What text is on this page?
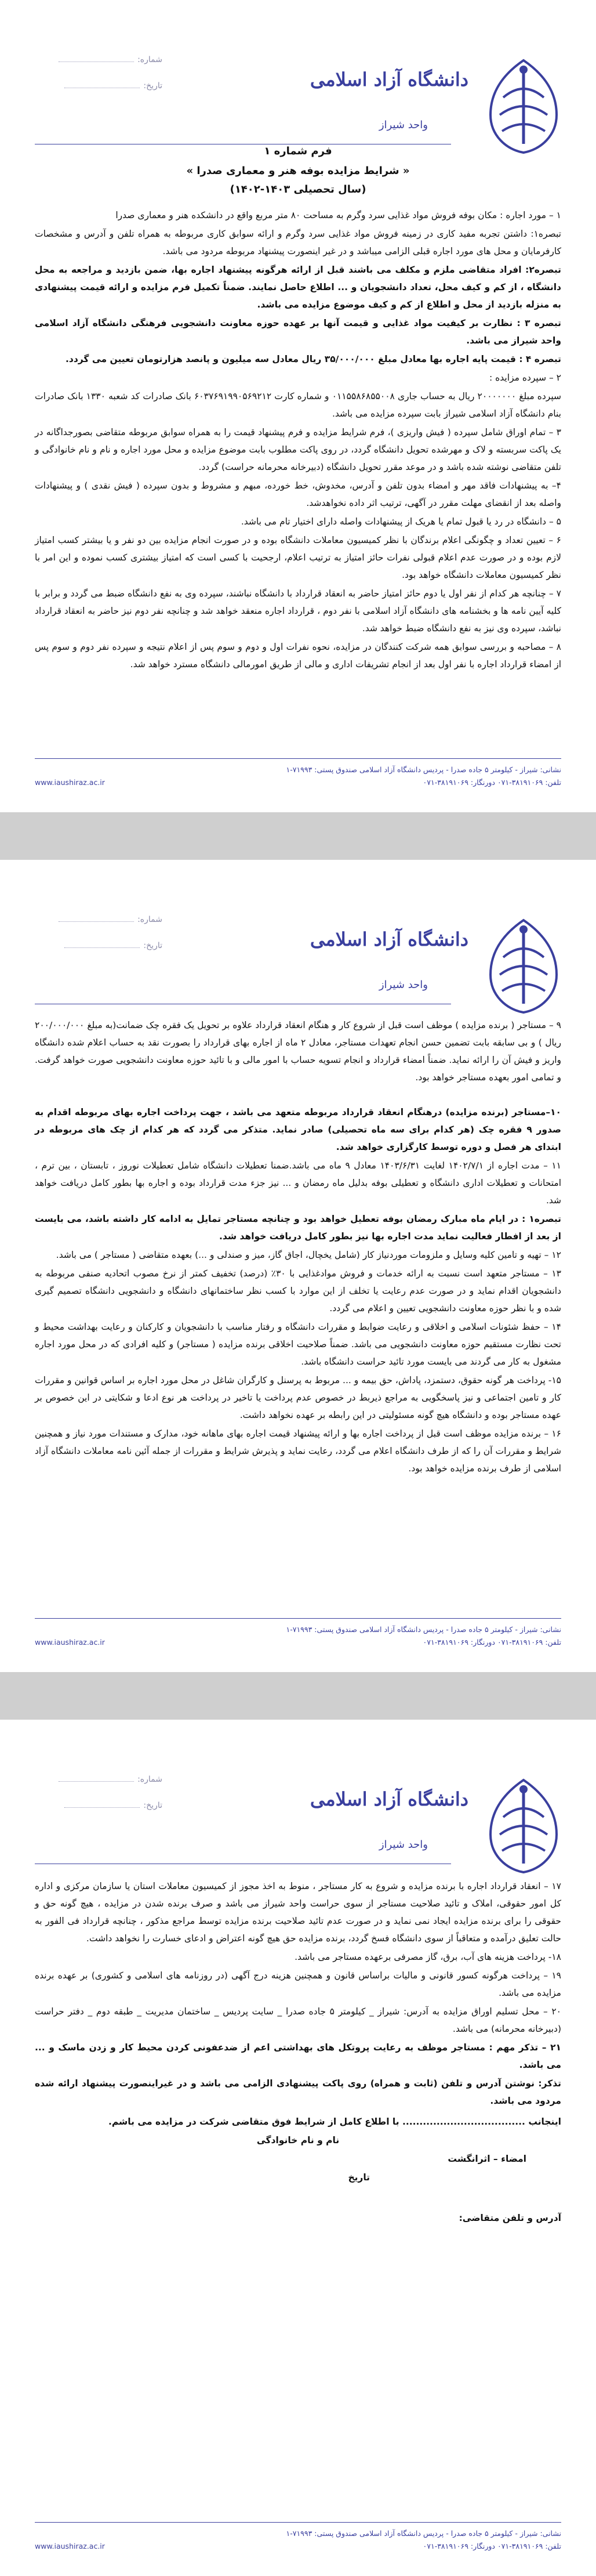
شماره:
تاریخ:	دانشگاه آزاد اسلامی
واحد شیراز
فرم شماره ۱
« شرایط مزایده بوفه هنر و معماری صدرا »
(سال تحصیلی ۱۴۰۳-۱۴۰۲)

۱ – مورد اجاره : مکان بوفه فروش مواد غذایی سرد وگرم به مساحت ۸۰ متر مربع واقع در دانشکده هنر و معماری صدرا

تبصره۱: داشتن تجربه مفید کاری در زمینه فروش مواد غذایی سرد وگرم و ارائه سوابق کاری مربوطه به همراه تلفن و آدرس و مشخصات کارفرمایان و محل های مورد اجاره قبلی الزامی میباشد و در غیر اینصورت پیشنهاد مربوطه مردود می باشد.

تبصره۲: افراد متقاضی ملزم و مکلف می باشند قبل از ارائه هرگونه پیشنهاد اجاره بها، ضمن بازدید و مراجعه به محل دانشگاه ، از کم و کیف محل، تعداد دانشجویان و ... اطلاع حاصل نمایند. ضمناً تکمیل فرم مزایده و ارائه قیمت پیشنهادی به منزله بازدید از محل و اطلاع از کم و کیف موضوع مزایده می باشد.

تبصره ۳ : نظارت بر کیفیت مواد غذایی و قیمت آنها بر عهده حوزه معاونت دانشجویی فرهنگی دانشگاه آزاد اسلامی واحد شیراز می باشد.

تبصره ۴ : قیمت پایه اجاره بها معادل مبلغ ۳۵/۰۰۰/۰۰۰ ریال معادل سه میلیون و پانصد هزارتومان تعیین می گردد.

۲ – سپرده مزایده :

سپرده مبلغ ۲۰۰۰۰۰۰۰ ریال به حساب جاری ۰۱۱۵۵۸۶۸۵۵۰۰۸ و شماره کارت ۶۰۳۷۶۹۱۹۹۰۵۶۹۲۱۲ بانک صادرات کد شعبه ۱۳۳۰ بانک صادرات بنام دانشگاه آزاد اسلامی شیراز بابت سپرده مزایده می باشد.

۳ – تمام اوراق شامل سپرده ( فیش واریزی )، فرم شرایط مزایده و فرم پیشنهاد قیمت را به همراه سوابق مربوطه متقاضی بصورجداگانه در یک پاکت سربسته و لاک و مهرشده تحویل دانشگاه گردد، در روی پاکت مطلوب بابت موضوع مزایده و محل مورد اجاره و نام و نام خانوادگی و تلفن متقاضی نوشته شده باشد و در موعد مقرر تحویل دانشگاه (دبیرخانه محرمانه حراست) گردد.

۴– به پیشنهادات فاقد مهر و امضاء بدون تلفن و آدرس، مخدوش، خط خورده، مبهم و مشروط و بدون سپرده ( فیش نقدی ) و پیشنهادات واصله بعد از انقضای مهلت مقرر در آگهی، ترتیب اثر داده نخواهدشد.

۵ – دانشگاه در رد یا قبول تمام یا هریک از پیشنهادات واصله دارای اختیار تام می باشد.

۶ – تعیین تعداد و چگونگی اعلام برندگان با نظر کمیسیون معاملات دانشگاه بوده و در صورت انجام مزایده بین دو نفر و یا بیشتر کسب امتیاز لازم بوده و در صورت عدم اعلام قبولی نفرات حائز امتیاز به ترتیب اعلام، ارجحیت با کسی است که امتیاز بیشتری کسب نموده و این امر با نظر کمیسیون معاملات دانشگاه خواهد بود.

۷ – چنانچه هر کدام از نفر اول یا دوم حائز امتیاز حاضر به انعقاد قرارداد با دانشگاه نباشند، سپرده وی به نفع دانشگاه ضبط می گردد و برابر با کلیه آیین نامه ها و بخشنامه های دانشگاه آزاد اسلامی با نفر دوم ، قرارداد اجاره منعقد خواهد شد و چنانچه نفر دوم نیز حاضر به انعقاد قرارداد نباشد، سپرده وی نیز به نفع دانشگاه ضبط خواهد شد.

۸ – مصاحبه و بررسی سوابق همه شرکت کنندگان در مزایده، نحوه نفرات اول و دوم و سوم پس از اعلام نتیجه و سپرده نفر دوم و سوم پس از امضاء قرارداد اجاره با نفر اول بعد از انجام تشریفات اداری و مالی از طریق امورمالی دانشگاه مسترد خواهد شد.

نشانی: شیراز - کیلومتر ۵ جاده صدرا - پردیس دانشگاه آزاد اسلامی صندوق پستی: ۷۱۹۹۳-۱
تلفن: ۳۸۱۹۱۰۶۹-۰۷۱ دورنگار: ۳۸۱۹۱۰۶۹-۰۷۱
www.iaushiraz.ac.ir
شماره:
تاریخ:	دانشگاه آزاد اسلامی
واحد شیراز

۹ – مستاجر ( برنده مزایده ) موظف است قبل از شروع کار و هنگام انعقاد قرارداد علاوه بر تحویل یک فقره چک ضمانت(به مبلغ ۲۰۰/۰۰۰/۰۰۰ ریال ) و بی سابقه بابت تضمین حسن انجام تعهدات مستاجر، معادل ۲ ماه از اجاره بهای قرارداد را بصورت نقد به حساب اعلام شده دانشگاه واریز و فیش آن را ارائه نماید. ضمناً امضاء قرارداد و انجام تسویه حساب با امور مالی و با تائید حوزه معاونت دانشجویی صورت خواهد گرفت. و تمامی امور بعهده مستاجر خواهد بود.

۱۰–مستاجر (برنده مزایده) درهنگام انعقاد قرارداد مربوطه متعهد می باشد ، جهت پرداخت اجاره بهای مربوطه اقدام به صدور ۹ فقره چک (هر کدام برای سه ماه تحصیلی) صادر نماید. متذکر می گردد که هر کدام از چک های مربوطه در ابتدای هر فصل و دوره توسط کارگزاری خواهد شد.

۱۱ – مدت اجاره از ۱۴۰۲/۷/۱ لغایت ۱۴۰۳/۶/۳۱ معادل ۹ ماه می باشد.ضمنا تعطیلات دانشگاه شامل تعطیلات نوروز ، تابستان ، بین ترم ، امتحانات و تعطیلات اداری دانشگاه و تعطیلی بوفه بدلیل ماه رمضان و ... نیز جزء مدت قرارداد بوده و اجاره بها بطور کامل دریافت خواهد شد.

تبصره۱ : در ایام ماه مبارک رمضان بوفه تعطیل خواهد بود و چنانچه مستاجر تمایل به ادامه کار داشته باشد، می بایست از بعد از افطار فعالیت نماید مدت اجاره بها نیز بطور کامل دریافت خواهد شد.

۱۲ – تهیه و تامین کلیه وسایل و ملزومات موردنیاز کار (شامل یخچال، اجاق گاز، میز و صندلی و ...) بعهده متقاضی ( مستاجر ) می باشد.

۱۳ – مستاجر متعهد است نسبت به ارائه خدمات و فروش موادغذایی با ۳۰٪ (درصد) تخفیف کمتر از نرخ مصوب اتحادیه صنفی مربوطه به دانشجویان اقدام نماید و در صورت عدم رعایت یا تخلف از این موارد با کسب نظر ساختمانهای دانشگاه و دانشجویی دانشگاه تصمیم گیری شده و با نظر حوزه معاونت دانشجویی تعیین و اعلام می گردد.

۱۴ – حفظ شئونات اسلامی و اخلاقی و رعایت ضوابط و مقررات دانشگاه و رفتار مناسب با دانشجویان و کارکنان و رعایت بهداشت محیط و تحت نظارت مستقیم حوزه معاونت دانشجویی می باشد. ضمناً صلاحیت اخلاقی برنده مزایده ( مستاجر) و کلیه افرادی که در محل مورد اجاره مشغول به کار می گردند می بایست مورد تائید حراست دانشگاه باشد.

۱۵- پرداخت هر گونه حقوق، دستمزد، پاداش، حق بیمه و ... مربوط به پرسنل و کارگران شاغل در محل مورد اجاره بر اساس قوانین و مقررات کار و تامین اجتماعی و نیز پاسخگویی به مراجع ذیربط در خصوص عدم پرداخت یا تاخیر در پرداخت هر نوع ادعا و شکایتی در این خصوص بر عهده مستاجر بوده و دانشگاه هیچ گونه مسئولیتی در این رابطه بر عهده نخواهد داشت.

۱۶ – برنده مزایده موظف است قبل از پرداخت اجاره بها و ارائه پیشنهاد قیمت اجاره بهای ماهانه خود، مدارک و مستندات مورد نیاز و همچنین شرایط و مقررات آن را که از طرف دانشگاه اعلام می گردد، رعایت نماید و پذیرش شرایط و مقررات از جمله آئین نامه معاملات دانشگاه آزاد اسلامی از طرف برنده مزایده خواهد بود.

نشانی: شیراز - کیلومتر ۵ جاده صدرا - پردیس دانشگاه آزاد اسلامی صندوق پستی: ۷۱۹۹۳-۱
تلفن: ۳۸۱۹۱۰۶۹-۰۷۱ دورنگار: ۳۸۱۹۱۰۶۹-۰۷۱
www.iaushiraz.ac.ir
شماره:
تاریخ:	دانشگاه آزاد اسلامی
واحد شیراز

۱۷ – انعقاد قرارداد اجاره با برنده مزایده و شروع به کار مستاجر ، منوط به اخذ مجوز از کمیسیون معاملات استان یا سازمان مرکزی و اداره کل امور حقوقی، املاک و تائید صلاحیت مستاجر از سوی حراست واحد شیراز می باشد و صرف برنده شدن در مزایده ، هیچ گونه حق و حقوقی را برای برنده مزایده ایجاد نمی نماید و در صورت عدم تائید صلاحیت برنده مزایده توسط مراجع مذکور ، چنانچه قرارداد فی الفور به حالت تعلیق درآمده و متعاقباً از سوی دانشگاه فسخ گردد، برنده مزایده حق هیچ گونه اعتراض و ادعای خسارت را نخواهد داشت.

۱۸- پرداخت هزینه های آب، برق، گاز مصرفی برعهده مستاجر می باشد.

۱۹ – پرداخت هرگونه کسور قانونی و مالیات براساس قانون و همچنین هزینه درج آگهی (در روزنامه های اسلامی و کشوری) بر عهده برنده مزایده می باشد.

۲۰ – محل تسلیم اوراق مزایده به آدرس: شیراز _ کیلومتر ۵ جاده صدرا _ سایت پردیس _ ساختمان مدیریت _ طبقه دوم _ دفتر حراست (دبیرخانه محرمانه) می باشد.

۲۱ – تذکر مهم : مستاجر موظف به رعایت پروتکل های بهداشتی اعم از ضدعفونی کردن محیط کار و زدن ماسک و ... می باشد.

تذکر: نوشتن آدرس و تلفن (ثابت و همراه) روی پاکت پیشنهادی الزامی می باشد و در غیراینصورت پیشنهاد ارائه شده مردود می باشد.

اینجانب .................................... با اطلاع کامل از شرایط فوق متقاضی شرکت در مزایده می باشم.

نام و نام خانوادگی

امضاء – اثرانگشت

تاریخ

آدرس و تلفن متقاضی:

نشانی: شیراز - کیلومتر ۵ جاده صدرا - پردیس دانشگاه آزاد اسلامی صندوق پستی: ۷۱۹۹۳-۱
تلفن: ۳۸۱۹۱۰۶۹-۰۷۱ دورنگار: ۳۸۱۹۱۰۶۹-۰۷۱
www.iaushiraz.ac.ir
